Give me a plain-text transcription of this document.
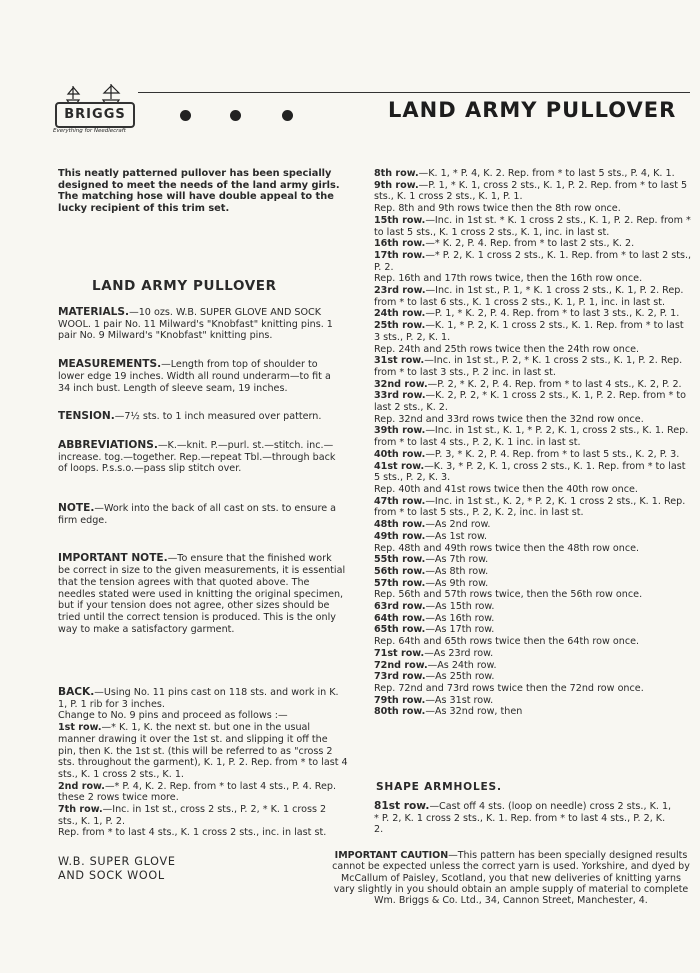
BRIGGS
Everything for Needlecraft
LAND ARMY PULLOVER
This neatly patterned pullover has been specially designed to meet the needs of the land army girls. The matching hose will have double appeal to the lucky recipient of this trim set.
LAND ARMY PULLOVER

MATERIALS.—10 ozs. W.B. SUPER GLOVE AND SOCK WOOL. 1 pair No. 11 Milward's "Knobfast" knitting pins. 1 pair No. 9 Milward's "Knobfast" knitting pins.

MEASUREMENTS.—Length from top of shoulder to lower edge 19 inches. Width all round underarm—to fit a 34 inch bust. Length of sleeve seam, 19 inches.

TENSION.—7½ sts. to 1 inch measured over pattern.

ABBREVIATIONS.—K.—knit. P.—purl. st.—stitch. inc.—increase. tog.—together. Rep.—repeat Tbl.—through back of loops. P.s.s.o.—pass slip stitch over.

NOTE.—Work into the back of all cast on sts. to ensure a firm edge.

IMPORTANT NOTE.—To ensure that the finished work be correct in size to the given measurements, it is essential that the tension agrees with that quoted above. The needles stated were used in knitting the original specimen, but if your tension does not agree, other sizes should be tried until the correct tension is produced. This is the only way to make a satisfactory garment.

BACK.—Using No. 11 pins cast on 118 sts. and work in K. 1, P. 1 rib for 3 inches.

Change to No. 9 pins and proceed as follows :—

1st row.—* K. 1, K. the next st. but one in the usual manner drawing it over the 1st st. and slipping it off the pin, then K. the 1st st. (this will be referred to as "cross 2 sts. throughout the garment), K. 1, P. 2. Rep. from * to last 4 sts., K. 1 cross 2 sts., K. 1.

2nd row.—* P. 4, K. 2. Rep. from * to last 4 sts., P. 4. Rep. these 2 rows twice more.

7th row.—Inc. in 1st st., cross 2 sts., P. 2, * K. 1 cross 2 sts., K. 1, P. 2.

Rep. from * to last 4 sts., K. 1 cross 2 sts., inc. in last st.

8th row.—K. 1, * P. 4, K. 2. Rep. from * to last 5 sts., P. 4, K. 1.

9th row.—P. 1, * K. 1, cross 2 sts., K. 1, P. 2. Rep. from * to last 5 sts., K. 1 cross 2 sts., K. 1, P. 1.

Rep. 8th and 9th rows twice then the 8th row once.

15th row.—Inc. in 1st st. * K. 1 cross 2 sts., K. 1, P. 2. Rep. from * to last 5 sts., K. 1 cross 2 sts., K. 1, inc. in last st.

16th row.—* K. 2, P. 4. Rep. from * to last 2 sts., K. 2.

17th row.—* P. 2, K. 1 cross 2 sts., K. 1. Rep. from * to last 2 sts., P. 2.

Rep. 16th and 17th rows twice, then the 16th row once.

23rd row.—Inc. in 1st st., P. 1, * K. 1 cross 2 sts., K. 1, P. 2. Rep. from * to last 6 sts., K. 1 cross 2 sts., K. 1, P. 1, inc. in last st.

24th row.—P. 1, * K. 2, P. 4. Rep. from * to last 3 sts., K. 2, P. 1.

25th row.—K. 1, * P. 2, K. 1 cross 2 sts., K. 1. Rep. from * to last 3 sts., P. 2, K. 1.

Rep. 24th and 25th rows twice then the 24th row once.

31st row.—Inc. in 1st st., P. 2, * K. 1 cross 2 sts., K. 1, P. 2. Rep. from * to last 3 sts., P. 2 inc. in last st.

32nd row.—P. 2, * K. 2, P. 4. Rep. from * to last 4 sts., K. 2, P. 2.

33rd row.—K. 2, P. 2, * K. 1 cross 2 sts., K. 1, P. 2. Rep. from * to last 2 sts., K. 2.

Rep. 32nd and 33rd rows twice then the 32nd row once.

39th row.—Inc. in 1st st., K. 1, * P. 2, K. 1, cross 2 sts., K. 1. Rep. from * to last 4 sts., P. 2, K. 1 inc. in last st.

40th row.—P. 3, * K. 2, P. 4. Rep. from * to last 5 sts., K. 2, P. 3.

41st row.—K. 3, * P. 2, K. 1, cross 2 sts., K. 1. Rep. from * to last 5 sts., P. 2, K. 3.

Rep. 40th and 41st rows twice then the 40th row once.

47th row.—Inc. in 1st st., K. 2, * P. 2, K. 1 cross 2 sts., K. 1. Rep. from * to last 5 sts., P. 2, K. 2, inc. in last st.

48th row.—As 2nd row.

49th row.—As 1st row.

Rep. 48th and 49th rows twice then the 48th row once.

55th row.—As 7th row.

56th row.—As 8th row.

57th row.—As 9th row.

Rep. 56th and 57th rows twice, then the 56th row once.

63rd row.—As 15th row.

64th row.—As 16th row.

65th row.—As 17th row.

Rep. 64th and 65th rows twice then the 64th row once.

71st row.—As 23rd row.

72nd row.—As 24th row.

73rd row.—As 25th row.

Rep. 72nd and 73rd rows twice then the 72nd row once.

79th row.—As 31st row.

80th row.—As 32nd row, then

SHAPE ARMHOLES.

81st row.—Cast off 4 sts. (loop on needle) cross 2 sts., K. 1, * P. 2, K. 1 cross 2 sts., K. 1. Rep. from * to last 4 sts., P. 2, K. 2.

W.B. SUPER GLOVE
AND SOCK WOOL
IMPORTANT CAUTION—This pattern has been specially designed results cannot be expected unless the correct yarn is used. Yorkshire, and dyed by McCallum of Paisley, Scotland, you that new deliveries of knitting yarns vary slightly in you should obtain an ample supply of material to complete Wm. Briggs & Co. Ltd., 34, Cannon Street, Manchester, 4.
